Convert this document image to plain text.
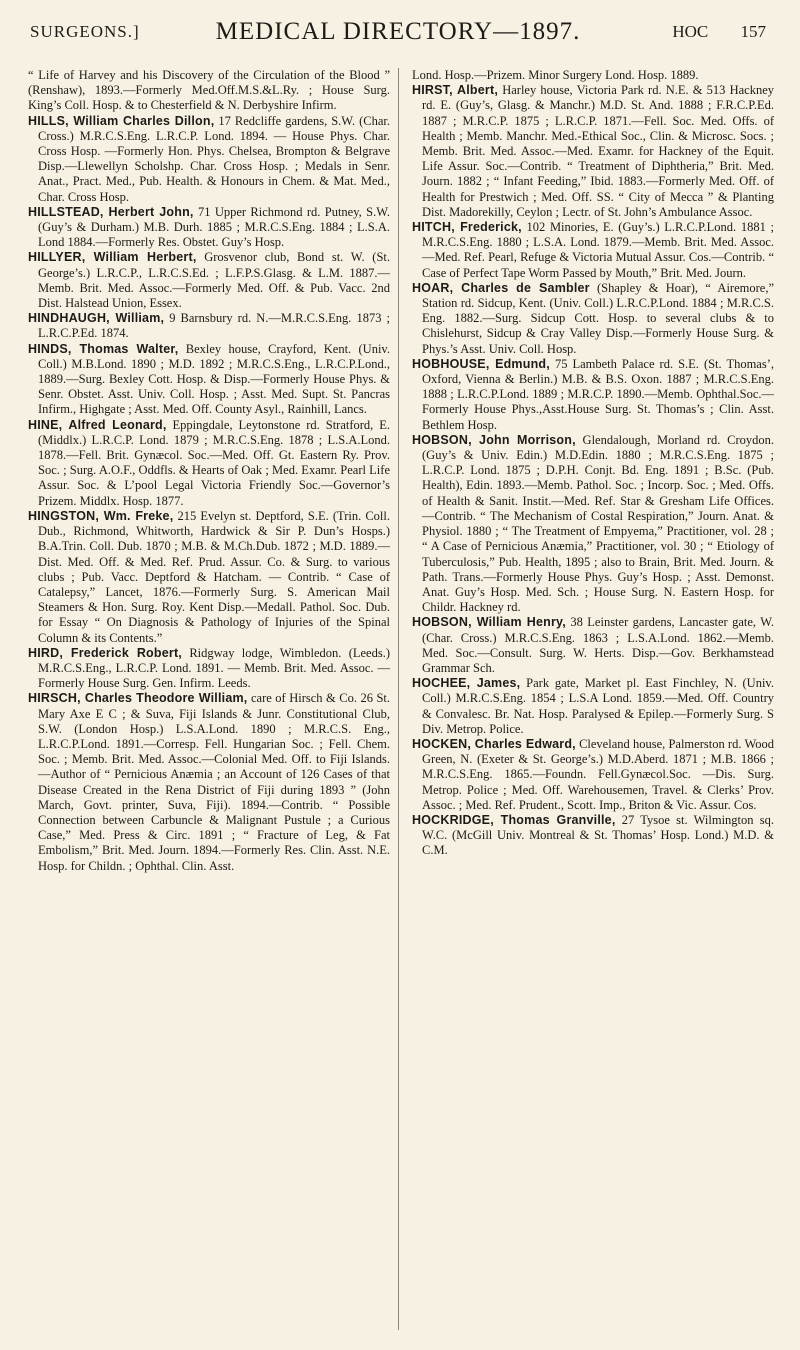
SURGEONS.]	MEDICAL DIRECTORY—1897.	HOC 157

“ Life of Harvey and his Discovery of the Circulation of the Blood ” (Renshaw), 1893.—Formerly Med.Off.M.S.&L.Ry. ; House Surg. King’s Coll. Hosp. & to Chesterfield & N. Derbyshire Infirm.

HILLS, William Charles Dillon, 17 Redcliffe gardens, S.W. (Char. Cross.) M.R.C.S.Eng. L.R.C.P. Lond. 1894. — House Phys. Char. Cross Hosp. —Formerly Hon. Phys. Chelsea, Brompton & Belgrave Disp.—Llewellyn Scholshp. Char. Cross Hosp. ; Medals in Senr. Anat., Pract. Med., Pub. Health. & Honours in Chem. & Mat. Med., Char. Cross Hosp.

HILLSTEAD, Herbert John, 71 Upper Richmond rd. Putney, S.W. (Guy’s & Durham.) M.B. Durh. 1885 ; M.R.C.S.Eng. 1884 ; L.S.A. Lond 1884.—Formerly Res. Obstet. Guy’s Hosp.

HILLYER, William Herbert, Grosvenor club, Bond st. W. (St. George’s.) L.R.C.P., L.R.C.S.Ed. ; L.F.P.S.Glasg. & L.M. 1887.—Memb. Brit. Med. Assoc.—Formerly Med. Off. & Pub. Vacc. 2nd Dist. Halstead Union, Essex.

HINDHAUGH, William, 9 Barnsbury rd. N.—M.R.C.S.Eng. 1873 ; L.R.C.P.Ed. 1874.

HINDS, Thomas Walter, Bexley house, Crayford, Kent. (Univ. Coll.) M.B.Lond. 1890 ; M.D. 1892 ; M.R.C.S.Eng., L.R.C.P.Lond., 1889.—Surg. Bexley Cott. Hosp. & Disp.—Formerly House Phys. & Senr. Obstet. Asst. Univ. Coll. Hosp. ; Asst. Med. Supt. St. Pancras Infirm., Highgate ; Asst. Med. Off. County Asyl., Rainhill, Lancs.

HINE, Alfred Leonard, Eppingdale, Leytonstone rd. Stratford, E. (Middlx.) L.R.C.P. Lond. 1879 ; M.R.C.S.Eng. 1878 ; L.S.A.Lond. 1878.—Fell. Brit. Gynæcol. Soc.—Med. Off. Gt. Eastern Ry. Prov. Soc. ; Surg. A.O.F., Oddfls. & Hearts of Oak ; Med. Examr. Pearl Life Assur. Soc. & L’pool Legal Victoria Friendly Soc.—Governor’s Prizem. Middlx. Hosp. 1877.

HINGSTON, Wm. Freke, 215 Evelyn st. Deptford, S.E. (Trin. Coll. Dub., Richmond, Whitworth, Hardwick & Sir P. Dun’s Hosps.) B.A.Trin. Coll. Dub. 1870 ; M.B. & M.Ch.Dub. 1872 ; M.D. 1889.—Dist. Med. Off. & Med. Ref. Prud. Assur. Co. & Surg. to various clubs ; Pub. Vacc. Deptford & Hatcham. — Contrib. “ Case of Catalepsy,” Lancet, 1876.—Formerly Surg. S. American Mail Steamers & Hon. Surg. Roy. Kent Disp.—Medall. Pathol. Soc. Dub. for Essay “ On Diagnosis & Pathology of Injuries of the Spinal Column & its Contents.”

HIRD, Frederick Robert, Ridgway lodge, Wimbledon. (Leeds.) M.R.C.S.Eng., L.R.C.P. Lond. 1891. — Memb. Brit. Med. Assoc. — Formerly House Surg. Gen. Infirm. Leeds.

HIRSCH, Charles Theodore William, care of Hirsch & Co. 26 St. Mary Axe E C ; & Suva, Fiji Islands & Junr. Constitutional Club, S.W. (London Hosp.) L.S.A.Lond. 1890 ; M.R.C.S. Eng., L.R.C.P.Lond. 1891.—Corresp. Fell. Hungarian Soc. ; Fell. Chem. Soc. ; Memb. Brit. Med. Assoc.—Colonial Med. Off. to Fiji Islands.—Author of “ Pernicious Anæmia ; an Account of 126 Cases of that Disease Created in the Rena District of Fiji during 1893 ” (John March, Govt. printer, Suva, Fiji). 1894.—Contrib. “ Possible Connection between Carbuncle & Malignant Pustule ; a Curious Case,” Med. Press & Circ. 1891 ; “ Fracture of Leg, & Fat Embolism,” Brit. Med. Journ. 1894.—Formerly Res. Clin. Asst. N.E. Hosp. for Childn. ; Ophthal. Clin. Asst.

Lond. Hosp.—Prizem. Minor Surgery Lond. Hosp. 1889.

HIRST, Albert, Harley house, Victoria Park rd. N.E. & 513 Hackney rd. E. (Guy’s, Glasg. & Manchr.) M.D. St. And. 1888 ; F.R.C.P.Ed. 1887 ; M.R.C.P. 1875 ; L.R.C.P. 1871.—Fell. Soc. Med. Offs. of Health ; Memb. Manchr. Med.-Ethical Soc., Clin. & Microsc. Socs. ; Memb. Brit. Med. Assoc.—Med. Examr. for Hackney of the Equit. Life Assur. Soc.—Contrib. “ Treatment of Diphtheria,” Brit. Med. Journ. 1882 ; “ Infant Feeding,” Ibid. 1883.—Formerly Med. Off. of Health for Prestwich ; Med. Off. SS. “ City of Mecca ” & Planting Dist. Madorekilly, Ceylon ; Lectr. of St. John’s Ambulance Assoc.

HITCH, Frederick, 102 Minories, E. (Guy’s.) L.R.C.P.Lond. 1881 ; M.R.C.S.Eng. 1880 ; L.S.A. Lond. 1879.—Memb. Brit. Med. Assoc.—Med. Ref. Pearl, Refuge & Victoria Mutual Assur. Cos.—Contrib. “ Case of Perfect Tape Worm Passed by Mouth,” Brit. Med. Journ.

HOAR, Charles de Sambler (Shapley & Hoar), “ Airemore,” Station rd. Sidcup, Kent. (Univ. Coll.) L.R.C.P.Lond. 1884 ; M.R.C.S. Eng. 1882.—Surg. Sidcup Cott. Hosp. to several clubs & to Chislehurst, Sidcup & Cray Valley Disp.—Formerly House Surg. & Phys.’s Asst. Univ. Coll. Hosp.

HOBHOUSE, Edmund, 75 Lambeth Palace rd. S.E. (St. Thomas’, Oxford, Vienna & Berlin.) M.B. & B.S. Oxon. 1887 ; M.R.C.S.Eng. 1888 ; L.R.C.P.Lond. 1889 ; M.R.C.P. 1890.—Memb. Ophthal.Soc.—Formerly House Phys.,Asst.House Surg. St. Thomas’s ; Clin. Asst. Bethlem Hosp.

HOBSON, John Morrison, Glendalough, Morland rd. Croydon. (Guy’s & Univ. Edin.) M.D.Edin. 1880 ; M.R.C.S.Eng. 1875 ; L.R.C.P. Lond. 1875 ; D.P.H. Conjt. Bd. Eng. 1891 ; B.Sc. (Pub. Health), Edin. 1893.—Memb. Pathol. Soc. ; Incorp. Soc. ; Med. Offs. of Health & Sanit. Instit.—Med. Ref. Star & Gresham Life Offices. —Contrib. “ The Mechanism of Costal Respiration,” Journ. Anat. & Physiol. 1880 ; “ The Treatment of Empyema,” Practitioner, vol. 28 ; “ A Case of Pernicious Anæmia,” Practitioner, vol. 30 ; “ Etiology of Tuberculosis,” Pub. Health, 1895 ; also to Brain, Brit. Med. Journ. & Path. Trans.—Formerly House Phys. Guy’s Hosp. ; Asst. Demonst. Anat. Guy’s Hosp. Med. Sch. ; House Surg. N. Eastern Hosp. for Childr. Hackney rd.

HOBSON, William Henry, 38 Leinster gardens, Lancaster gate, W. (Char. Cross.) M.R.C.S.Eng. 1863 ; L.S.A.Lond. 1862.—Memb. Med. Soc.—Consult. Surg. W. Herts. Disp.—Gov. Berkhamstead Grammar Sch.

HOCHEE, James, Park gate, Market pl. East Finchley, N. (Univ. Coll.) M.R.C.S.Eng. 1854 ; L.S.A Lond. 1859.—Med. Off. Country & Convalesc. Br. Nat. Hosp. Paralysed & Epilep.—Formerly Surg. S Div. Metrop. Police.

HOCKEN, Charles Edward, Cleveland house, Palmerston rd. Wood Green, N. (Exeter & St. George’s.) M.D.Aberd. 1871 ; M.B. 1866 ; M.R.C.S.Eng. 1865.—Foundn. Fell.Gynæcol.Soc. —Dis. Surg. Metrop. Police ; Med. Off. Warehousemen, Travel. & Clerks’ Prov. Assoc. ; Med. Ref. Prudent., Scott. Imp., Briton & Vic. Assur. Cos.

HOCKRIDGE, Thomas Granville, 27 Tysoe st. Wilmington sq. W.C. (McGill Univ. Montreal & St. Thomas’ Hosp. Lond.) M.D. & C.M.
